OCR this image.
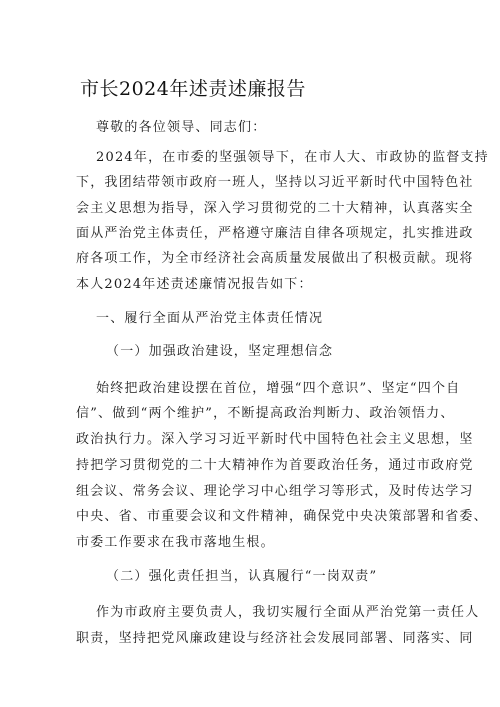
市长2024年述责述廉报告
尊敬的各位领导、同志们：
2024年，在市委的坚强领导下，在市人大、市政协的监督支持
下，我团结带领市政府一班人，坚持以习近平新时代中国特色社
会主义思想为指导，深入学习贯彻党的二十大精神，认真落实全
面从严治党主体责任，严格遵守廉洁自律各项规定，扎实推进政
府各项工作，为全市经济社会高质量发展做出了积极贡献。现将
本人2024年述责述廉情况报告如下：
一、履行全面从严治党主体责任情况
（一）加强政治建设，坚定理想信念
始终把政治建设摆在首位，增强“四个意识”、坚定“四个自
信”、做到“两个维护”，不断提高政治判断力、政治领悟力、
政治执行力。深入学习习近平新时代中国特色社会主义思想，坚
持把学习贯彻党的二十大精神作为首要政治任务，通过市政府党
组会议、常务会议、理论学习中心组学习等形式，及时传达学习
中央、省、市重要会议和文件精神，确保党中央决策部署和省委、
市委工作要求在我市落地生根。
（二）强化责任担当，认真履行“一岗双责”
作为市政府主要负责人，我切实履行全面从严治党第一责任人
职责，坚持把党风廉政建设与经济社会发展同部署、同落实、同
